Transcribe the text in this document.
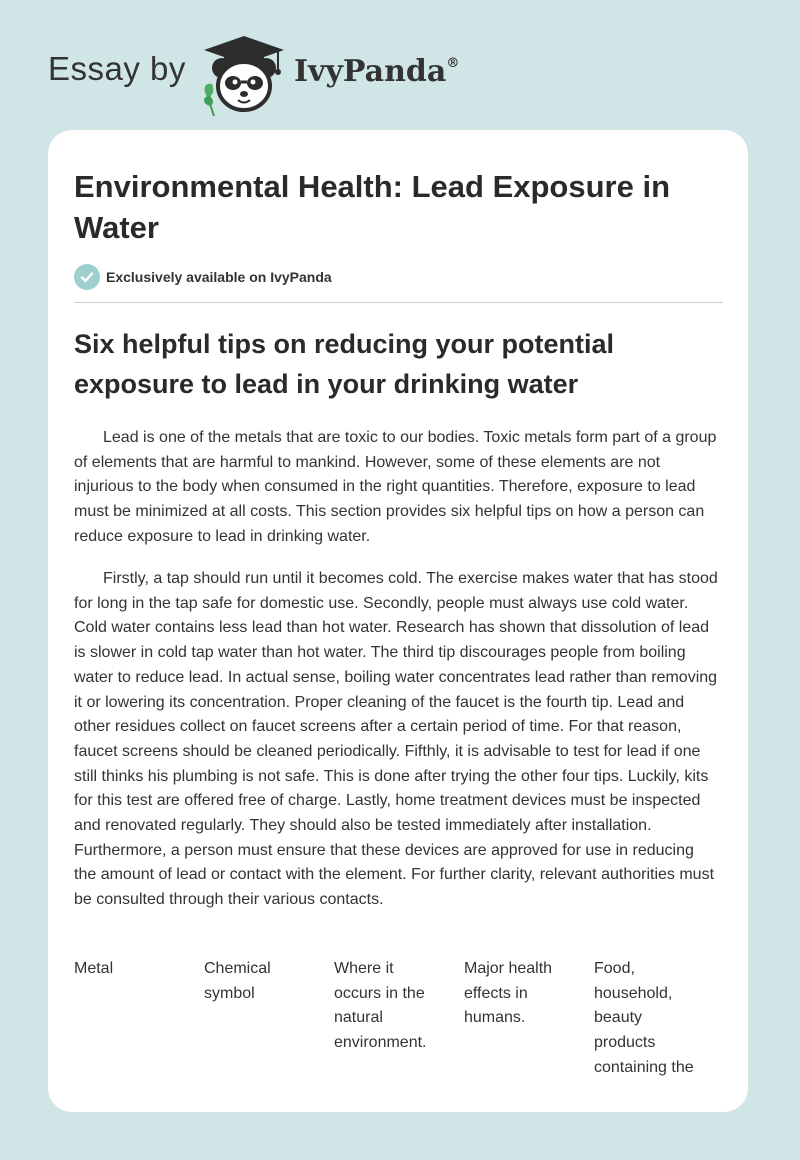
Essay by	IvyPanda®
Environmental Health: Lead Exposure in Water
Exclusively available on IvyPanda
Six helpful tips on reducing your potential exposure to lead in your drinking water

Lead is one of the metals that are toxic to our bodies. Toxic metals form part of a group of elements that are harmful to mankind. However, some of these elements are not injurious to the body when consumed in the right quantities. Therefore, exposure to lead must be minimized at all costs. This section provides six helpful tips on how a person can reduce exposure to lead in drinking water.

Firstly, a tap should run until it becomes cold. The exercise makes water that has stood for long in the tap safe for domestic use. Secondly, people must always use cold water. Cold water contains less lead than hot water. Research has shown that dissolution of lead is slower in cold tap water than hot water. The third tip discourages people from boiling water to reduce lead. In actual sense, boiling water concentrates lead rather than removing it or lowering its concentration. Proper cleaning of the faucet is the fourth tip. Lead and other residues collect on faucet screens after a certain period of time. For that reason, faucet screens should be cleaned periodically. Fifthly, it is advisable to test for lead if one still thinks his plumbing is not safe. This is done after trying the other four tips. Luckily, kits for this test are offered free of charge. Lastly, home treatment devices must be inspected and renovated regularly. They should also be tested immediately after installation. Furthermore, a person must ensure that these devices are approved for use in reducing the amount of lead or contact with the element. For further clarity, relevant authorities must be consulted through their various contacts.

Metal	Chemical symbol
Where it occurs in the natural environment.
Major health effects in humans.
Food, household, beauty products containing the
